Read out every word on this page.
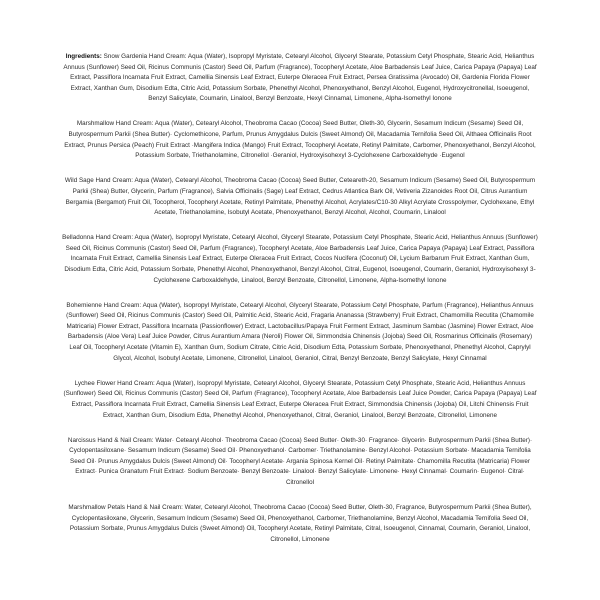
Ingredients: Snow Gardenia Hand Cream: Aqua (Water), Isopropyl Myristate, Cetearyl Alcohol, Glyceryl Stearate, Potassium Cetyl Phosphate, Stearic Acid, Helianthus Annuus (Sunflower) Seed Oil, Ricinus Communis (Castor) Seed Oil, Parfum (Fragrance), Tocopheryl Acetate, Aloe Barbadensis Leaf Juice, Carica Papaya (Papaya) Leaf Extract, Passiflora Incarnata Fruit Extract, Camellia Sinensis Leaf Extract, Euterpe Oleracea Fruit Extract, Persea Gratissima (Avocado) Oil, Gardenia Florida Flower Extract, Xanthan Gum, Disodium Edta, Citric Acid, Potassium Sorbate, Phenethyl Alcohol, Phenoxyethanol, Benzyl Alcohol, Eugenol, Hydroxycitronellal, Isoeugenol, Benzyl Salicylate, Coumarin, Linalool, Benzyl Benzoate, Hexyl Cinnamal, Limonene, Alpha-Isomethyl Ionone

Marshmallow Hand Cream: Aqua (Water), Cetearyl Alcohol, Theobroma Cacao (Cocoa) Seed Butter, Oleth-30, Glycerin, Sesamum Indicum (Sesame) Seed Oil, Butyrospermum Parkii (Shea Butter)· Cyclomethicone, Parfum, Prunus Amygdalus Dulcis (Sweet Almond) Oil, Macadamia Ternifolia Seed Oil, Althaea Officinalis Root Extract, Prunus Persica (Peach) Fruit Extract ·Mangifera Indica (Mango) Fruit Extract, Tocopheryl Acetate, Retinyl Palmitate, Carbomer, Phenoxyethanol, Benzyl Alcohol, Potassium Sorbate, Triethanolamine, Citronellol ·Geraniol, Hydroxyisohexyl 3-Cyclohexene Carboxaldehyde ·Eugenol

Wild Sage Hand Cream: Aqua (Water), Cetearyl Alcohol, Theobroma Cacao (Cocoa) Seed Butter, Ceteareth-20, Sesamum Indicum (Sesame) Seed Oil, Butyrospermum Parkii (Shea) Butter, Glycerin, Parfum (Fragrance), Salvia Officinalis (Sage) Leaf Extract, Cedrus Atlantica Bark Oil, Vetiveria Zizanoides Root Oil, Citrus Aurantium Bergamia (Bergamot) Fruit Oil, Tocopherol, Tocopheryl Acetate, Retinyl Palmitate, Phenethyl Alcohol, Acrylates/C10-30 Alkyl Acrylate Crosspolymer, Cyclohexane, Ethyl Acetate, Triethanolamine, Isobutyl Acetate, Phenoxyethanol, Benzyl Alcohol, Alcohol, Coumarin, Linalool

Belladonna Hand Cream: Aqua (Water), Isopropyl Myristate, Cetearyl Alcohol, Glyceryl Stearate, Potassium Cetyl Phosphate, Stearic Acid, Helianthus Annuus (Sunflower) Seed Oil, Ricinus Communis (Castor) Seed Oil, Parfum (Fragrance), Tocopheryl Acetate, Aloe Barbadensis Leaf Juice, Carica Papaya (Papaya) Leaf Extract, Passiflora Incarnata Fruit Extract, Camellia Sinensis Leaf Extract, Euterpe Oleracea Fruit Extract, Cocos Nucifera (Coconut) Oil, Lycium Barbarum Fruit Extract, Xanthan Gum, Disodium Edta, Citric Acid, Potassium Sorbate, Phenethyl Alcohol, Phenoxyethanol, Benzyl Alcohol, Citral, Eugenol, Isoeugenol, Coumarin, Geraniol, Hydroxyisohexyl 3-Cyclohexene Carboxaldehyde, Linalool, Benzyl Benzoate, Citronellol, Limonene, Alpha-Isomethyl Ionone

Bohemienne Hand Cream: Aqua (Water), Isopropyl Myristate, Cetearyl Alcohol, Glyceryl Stearate, Potassium Cetyl Phosphate, Parfum (Fragrance), Helianthus Annuus (Sunflower) Seed Oil, Ricinus Communis (Castor) Seed Oil, Palmitic Acid, Stearic Acid, Fragaria Ananassa (Strawberry) Fruit Extract, Chamomilla Recutita (Chamomile Matricaria) Flower Extract, Passiflora Incarnata (Passionflower) Extract, Lactobacillus/Papaya Fruit Ferment Extract, Jasminum Sambac (Jasmine) Flower Extract, Aloe Barbadensis (Aloe Vera) Leaf Juice Powder, Citrus Aurantium Amara (Neroli) Flower Oil, Simmondsia Chinensis (Jojoba) Seed Oil, Rosmarinus Officinalis (Rosemary) Leaf Oil, Tocopheryl Acetate (Vitamin E), Xanthan Gum, Sodium Citrate, Citric Acid, Disodium Edta, Potassium Sorbate, Phenoxyethanol, Phenethyl Alcohol, Caprylyl Glycol, Alcohol, Isobutyl Acetate, Limonene, Citronellol, Linalool, Geraniol, Citral, Benzyl Benzoate, Benzyl Salicylate, Hexyl Cinnamal

Lychee Flower Hand Cream: Aqua (Water), Isopropyl Myristate, Cetearyl Alcohol, Glyceryl Stearate, Potassium Cetyl Phosphate, Stearic Acid, Helianthus Annuus (Sunflower) Seed Oil, Ricinus Communis (Castor) Seed Oil, Parfum (Fragrance), Tocopheryl Acetate, Aloe Barbadensis Leaf Juice Powder, Carica Papaya (Papaya) Leaf Extract, Passiflora Incarnata Fruit Extract, Camellia Sinensis Leaf Extract, Euterpe Oleracea Fruit Extract, Simmondsia Chinensis (Jojoba) Oil, Litchi Chinensis Fruit Extract, Xanthan Gum, Disodium Edta, Phenethyl Alcohol, Phenoxyethanol, Citral, Geraniol, Linalool, Benzyl Benzoate, Citronellol, Limonene

Narcissus Hand & Nail Cream: Water· Cetearyl Alcohol· Theobroma Cacao (Cocoa) Seed Butter· Oleth-30· Fragrance· Glycerin· Butyrospermum Parkii (Shea Butter)· Cyclopentasiloxane· Sesamum Indicum (Sesame) Seed Oil· Phenoxyethanol· Carbomer· Triethanolamine· Benzyl Alcohol· Potassium Sorbate· Macadamia Ternifolia Seed Oil· Prunus Amygdalus Dulcis (Sweet Almond) Oil· Tocopheryl Acetate· Argania Spinosa Kernel Oil· Retinyl Palmitate· Chamomilla Recutita (Matricaria) Flower Extract· Punica Granatum Fruit Extract· Sodium Benzoate· Benzyl Benzoate· Linalool· Benzyl Salicylate· Limonene· Hexyl Cinnamal· Coumarin· Eugenol· Citral· Citronellol

Marshmallow Petals Hand & Nail Cream: Water, Cetearyl Alcohol, Theobroma Cacao (Cocoa) Seed Butter, Oleth-30, Fragrance, Butyrospermum Parkii (Shea Butter), Cyclopentasiloxane, Glycerin, Sesamum Indicum (Sesame) Seed Oil, Phenoxyethanol, Carbomer, Triethanolamine, Benzyl Alcohol, Macadamia Ternifolia Seed Oil, Potassium Sorbate, Prunus Amygdalus Dulcis (Sweet Almond) Oil, Tocopheryl Acetate, Retinyl Palmitate, Citral, Isoeugenol, Cinnamal, Coumarin, Geraniol, Linalool, Citronellol, Limonene
